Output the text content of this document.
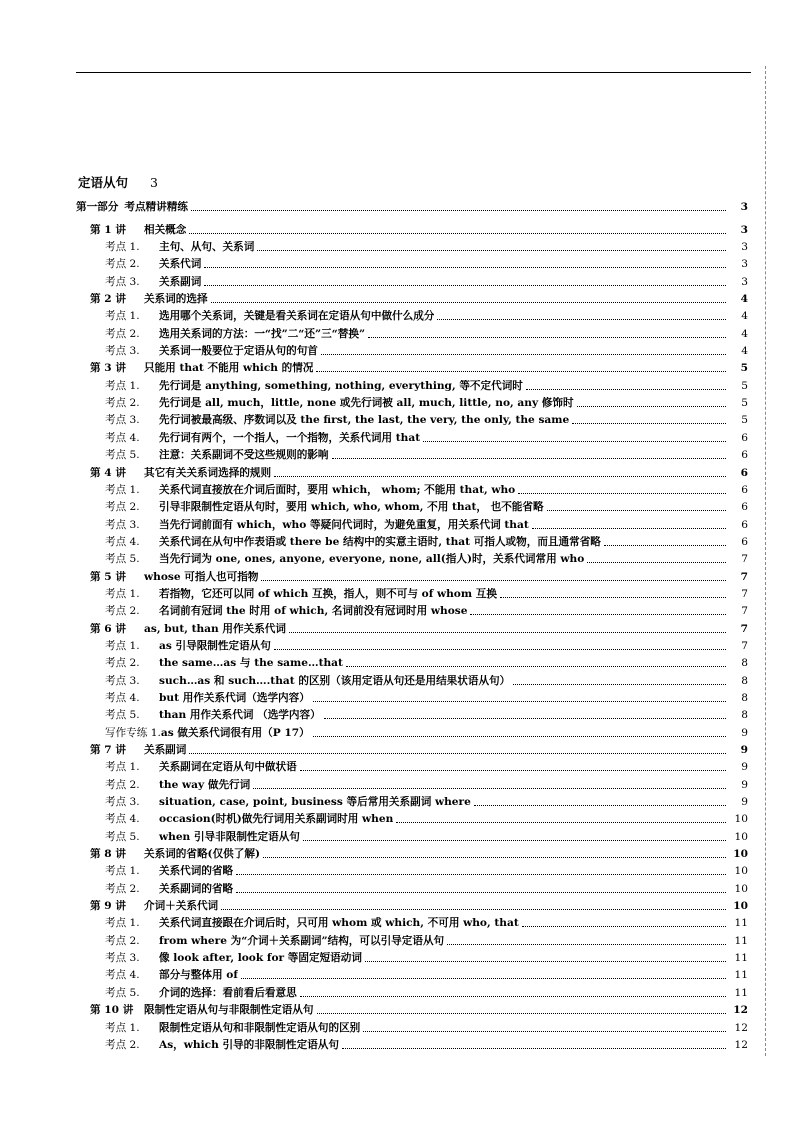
定语从句 3
第一部分 考点精讲精练	3
第 1 讲 相关概念	3
考点 1. 主句、从句、关系词	3
考点 2. 关系代词	3
考点 3. 关系副词	3
第 2 讲 关系词的选择	4
考点 1. 选用哪个关系词，关键是看关系词在定语从句中做什么成分	4
考点 2. 选用关系词的方法：一“找”二“还”三“替换”	4
考点 3. 关系词一般要位于定语从句的句首	4
第 3 讲 只能用 that 不能用 which 的情况	5
考点 1. 先行词是 anything, something, nothing, everything, 等不定代词时	5
考点 2. 先行词是 all, much，little, none 或先行词被 all, much, little, no, any 修饰时	5
考点 3. 先行词被最高级、序数词以及 the first, the last, the very, the only, the same	5
考点 4. 先行词有两个，一个指人，一个指物，关系代词用 that	6
考点 5. 注意：关系副词不受这些规则的影响	6
第 4 讲 其它有关关系词选择的规则	6
考点 1. 关系代词直接放在介词后面时，要用 which， whom; 不能用 that, who	6
考点 2. 引导非限制性定语从句时，要用 which, who, whom, 不用 that， 也不能省略	6
考点 3. 当先行词前面有 which，who 等疑问代词时，为避免重复，用关系代词 that	6
考点 4. 关系代词在从句中作表语或 there be 结构中的实意主语时, that 可指人或物，而且通常省略	6
考点 5. 当先行词为 one, ones, anyone, everyone, none, all(指人)时，关系代词常用 who	7
第 5 讲 whose 可指人也可指物	7
考点 1. 若指物，它还可以同 of which 互换，指人，则不可与 of whom 互换	7
考点 2. 名词前有冠词 the 时用 of which, 名词前没有冠词时用 whose	7
第 6 讲 as, but, than 用作关系代词	7
考点 1. as 引导限制性定语从句	7
考点 2. the same…as 与 the same…that	8
考点 3. such…as 和 such….that 的区别（该用定语从句还是用结果状语从句）	8
考点 4. but 用作关系代词（选学内容）	8
考点 5. than 用作关系代词 （选学内容）	8
写作专练 1.as 做关系代词很有用（P 17）	9
第 7 讲 关系副词	9
考点 1. 关系副词在定语从句中做状语	9
考点 2. the way 做先行词	9
考点 3. situation, case, point, business 等后常用关系副词 where	9
考点 4. occasion(时机)做先行词用关系副词时用 when	10
考点 5. when 引导非限制性定语从句	10
第 8 讲 关系词的省略(仅供了解)	10
考点 1. 关系代词的省略	10
考点 2. 关系副词的省略	10
第 9 讲 介词＋关系代词	10
考点 1. 关系代词直接跟在介词后时，只可用 whom 或 which, 不可用 who, that	11
考点 2. from where 为“介词＋关系副词”结构，可以引导定语从句	11
考点 3. 像 look after, look for 等固定短语动词	11
考点 4. 部分与整体用 of	11
考点 5. 介词的选择：看前看后看意思	11
第 10 讲 限制性定语从句与非限制性定语从句	12
考点 1. 限制性定语从句和非限制性定语从句的区别	12
考点 2. As，which 引导的非限制性定语从句	12
